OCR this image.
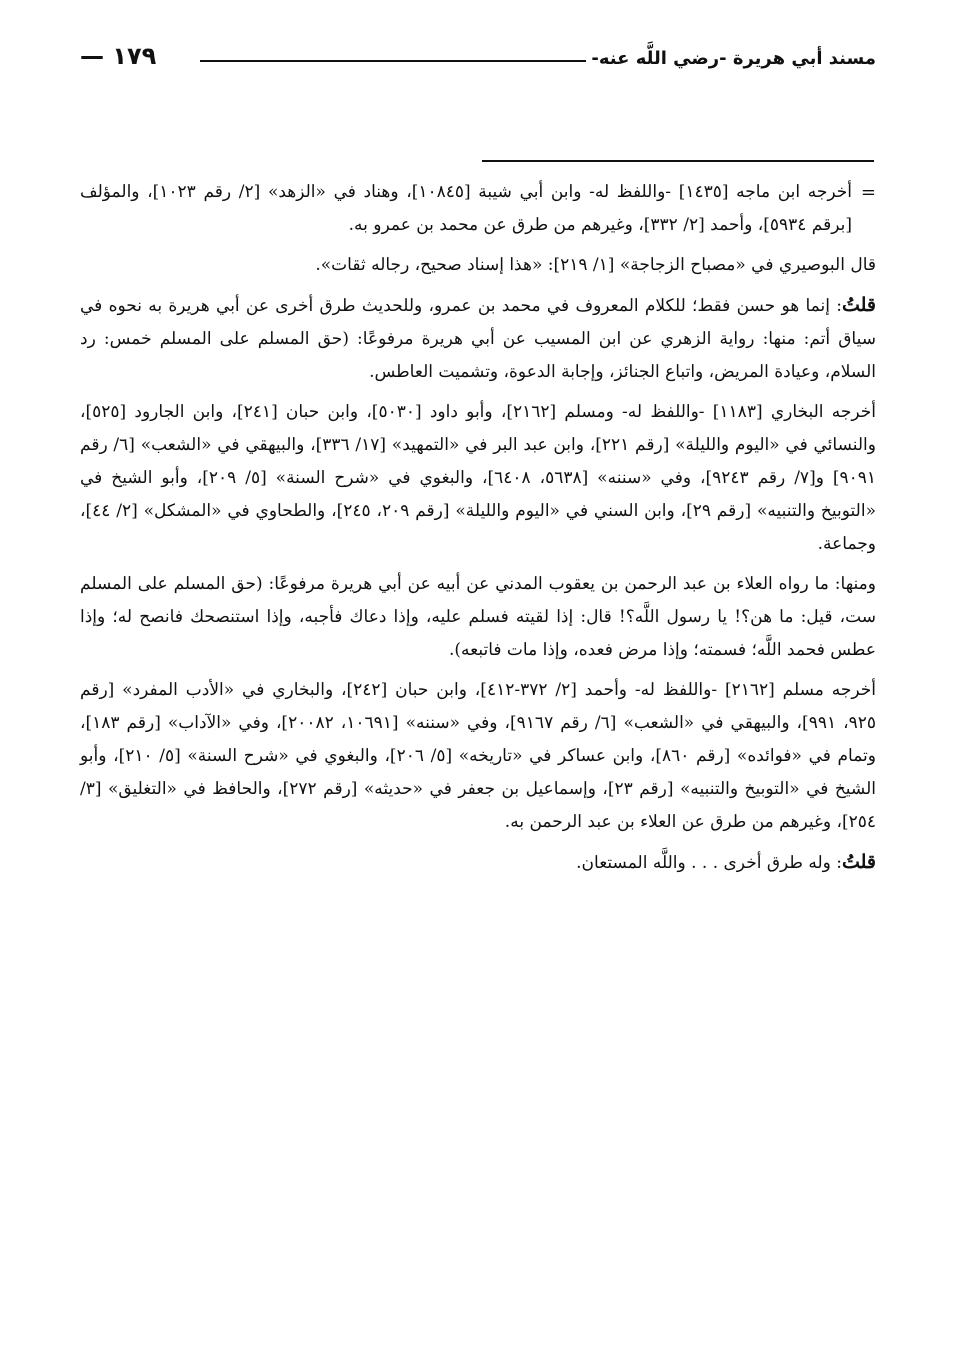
مسند أبي هريرة -رضي اللَّه عنه-
— ١٧٩

=
أخرجه ابن ماجه [١٤٣٥] -واللفظ له- وابن أبي شيبة [١٠٨٤٥]، وهناد في «الزهد» [٢/ رقم ١٠٢٣]، والمؤلف [برقم ٥٩٣٤]، وأحمد [٢/ ٣٣٢]، وغيرهم من طرق عن محمد بن عمرو به.

قال البوصيري في «مصباح الزجاجة» [١/ ٢١٩]: «هذا إسناد صحيح، رجاله ثقات».

قلتُ: إنما هو حسن فقط؛ للكلام المعروف في محمد بن عمرو، وللحديث طرق أخرى عن أبي هريرة به نحوه في سياق أتم: منها: رواية الزهري عن ابن المسيب عن أبي هريرة مرفوعًا: (حق المسلم على المسلم خمس: رد السلام، وعيادة المريض، واتباع الجنائز، وإجابة الدعوة، وتشميت العاطس.

أخرجه البخاري [١١٨٣] -واللفظ له- ومسلم [٢١٦٢]، وأبو داود [٥٠٣٠]، وابن حبان [٢٤١]، وابن الجارود [٥٢٥]، والنسائي في «اليوم والليلة» [رقم ٢٢١]، وابن عبد البر في «التمهيد» [١٧/ ٣٣٦]، والبيهقي في «الشعب» [٦/ رقم ٩٠٩١] و[٧/ رقم ٩٢٤٣]، وفي «سننه» [٥٦٣٨، ٦٤٠٨]، والبغوي في «شرح السنة» [٥/ ٢٠٩]، وأبو الشيخ في «التوبيخ والتنبيه» [رقم ٢٩]، وابن السني في «اليوم والليلة» [رقم ٢٠٩، ٢٤٥]، والطحاوي في «المشكل» [٢/ ٤٤]، وجماعة.

ومنها: ما رواه العلاء بن عبد الرحمن بن يعقوب المدني عن أبيه عن أبي هريرة مرفوعًا: (حق المسلم على المسلم ست، قيل: ما هن؟! يا رسول اللَّه؟! قال: إذا لقيته فسلم عليه، وإذا دعاك فأجبه، وإذا استنصحك فانصح له؛ وإذا عطس فحمد اللَّه؛ فسمته؛ وإذا مرض فعده، وإذا مات فاتبعه).

أخرجه مسلم [٢١٦٢] -واللفظ له- وأحمد [٢/ ٣٧٢-٤١٢]، وابن حبان [٢٤٢]، والبخاري في «الأدب المفرد» [رقم ٩٢٥، ٩٩١]، والبيهقي في «الشعب» [٦/ رقم ٩١٦٧]، وفي «سننه» [١٠٦٩١، ٢٠٠٨٢]، وفي «الآداب» [رقم ١٨٣]، وتمام في «فوائده» [رقم ٨٦٠]، وابن عساكر في «تاريخه» [٥/ ٢٠٦]، والبغوي في «شرح السنة» [٥/ ٢١٠]، وأبو الشيخ في «التوبيخ والتنبيه» [رقم ٢٣]، وإسماعيل بن جعفر في «حديثه» [رقم ٢٧٢]، والحافظ في «التغليق» [٣/ ٢٥٤]، وغيرهم من طرق عن العلاء بن عبد الرحمن به.

قلتُ: وله طرق أخرى . . . واللَّه المستعان.
